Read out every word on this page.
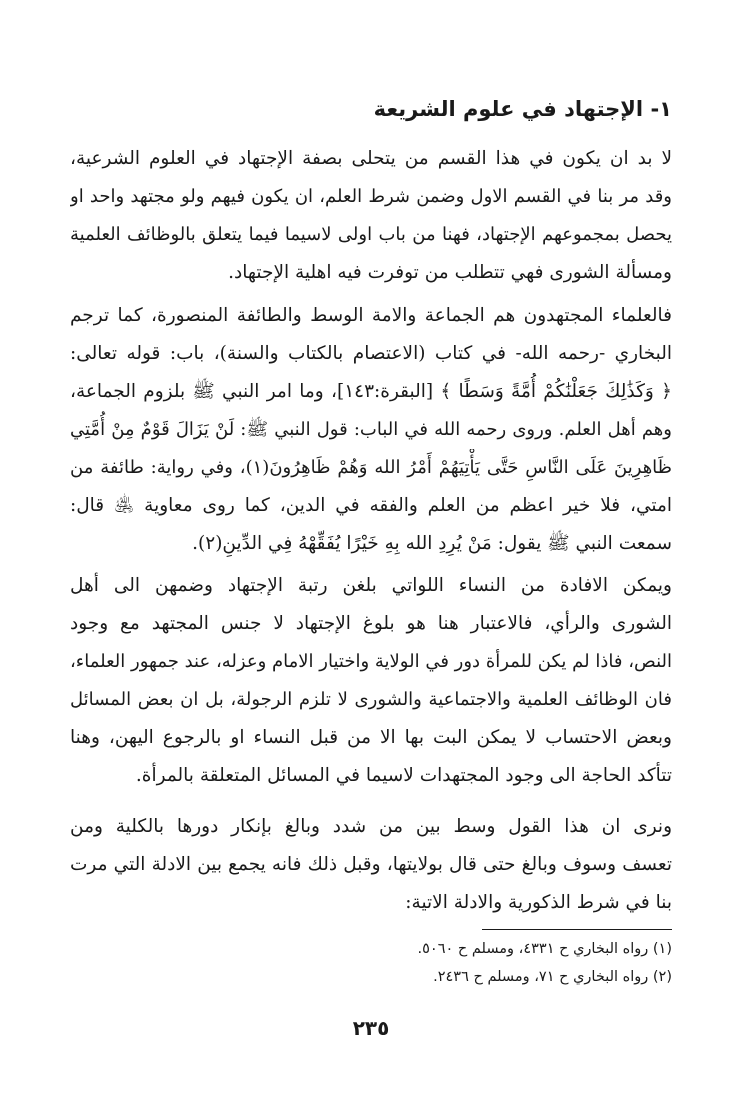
١- الإجتهاد في علوم الشريعة
لا بد ان يكون في هذا القسم من يتحلى بصفة الإجتهاد في العلوم الشرعية،
وقد مر بنا في القسم الاول وضمن شرط العلم، ان يكون فيهم ولو مجتهد واحد او
يحصل بمجموعهم الإجتهاد، فهنا من باب اولى لاسيما فيما يتعلق بالوظائف العلمية
ومسألة الشورى فهي تتطلب من توفرت فيه اهلية الإجتهاد.
فالعلماء المجتهدون هم الجماعة والامة الوسط والطائفة المنصورة، كما ترجم
البخاري -رحمه الله- في كتاب (الاعتصام بالكتاب والسنة)، باب: قوله تعالى:
﴿ وَكَذَٰلِكَ جَعَلْنَٰكُمْ أُمَّةً وَسَطًا ﴾ [البقرة:١٤٣]، وما امر النبي ﷺ بلزوم الجماعة،
وهم أهل العلم. وروى رحمه الله في الباب: قول النبي ﷺ: لَنْ يَزَالَ قَوْمٌ مِنْ أُمَّتِي
ظَاهِرِينَ عَلَى النَّاسِ حَتَّى يَأْتِيَهُمْ أَمْرُ الله وَهُمْ ظَاهِرُونَ(١)، وفي رواية: طائفة من
امتي، فلا خير اعظم من العلم والفقه في الدين، كما روى معاوية ﵁ قال:
سمعت النبي ﷺ يقول: مَنْ يُرِدِ الله بِهِ خَيْرًا يُفَقِّهْهُ فِي الدِّينِ(٢).
ويمكن الافادة من النساء اللواتي بلغن رتبة الإجتهاد وضمهن الى أهل
الشورى والرأي، فالاعتبار هنا هو بلوغ الإجتهاد لا جنس المجتهد مع وجود
النص، فاذا لم يكن للمرأة دور في الولاية واختيار الامام وعزله، عند جمهور العلماء،
فان الوظائف العلمية والاجتماعية والشورى لا تلزم الرجولة، بل ان بعض المسائل
وبعض الاحتساب لا يمكن البت بها الا من قبل النساء او بالرجوع اليهن، وهنا
تتأكد الحاجة الى وجود المجتهدات لاسيما في المسائل المتعلقة بالمرأة.
ونرى ان هذا القول وسط بين من شدد وبالغ بإنكار دورها بالكلية ومن
تعسف وسوف وبالغ حتى قال بولايتها، وقبل ذلك فانه يجمع بين الادلة التي مرت
بنا في شرط الذكورية والادلة الاتية:
(١) رواه البخاري ح ٤٣٣١، ومسلم ح ٥٠٦٠.
(٢) رواه البخاري ح ٧١، ومسلم ح ٢٤٣٦.
٢٣٥
